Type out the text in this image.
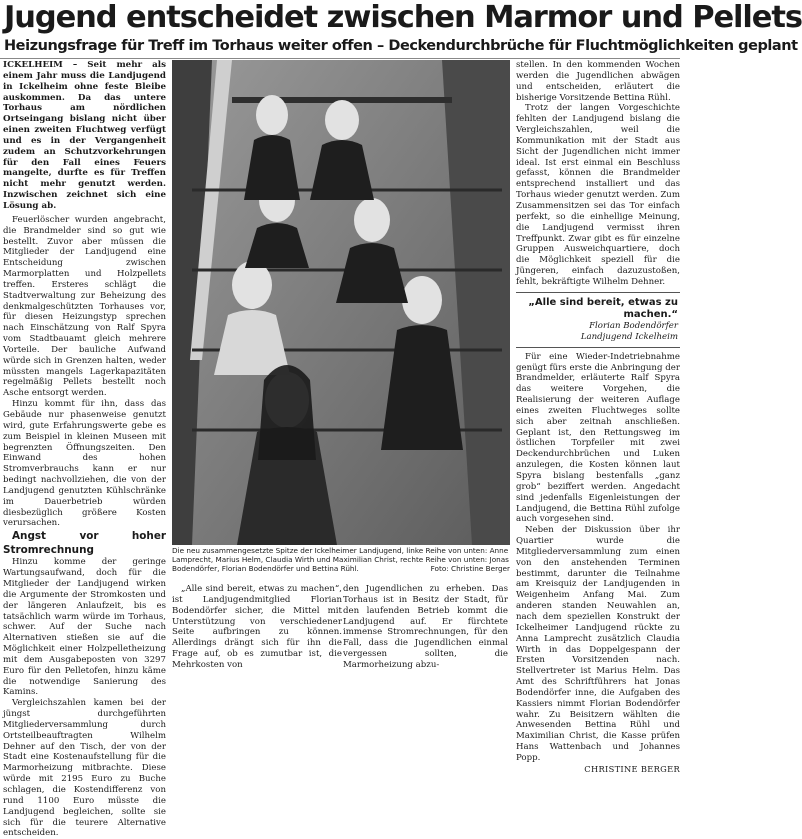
Jugend entscheidet zwischen Marmor und Pellets
Heizungsfrage für Treff im Torhaus weiter offen – Deckendurchbrüche für Fluchtmöglichkeiten geplant

ICKELHEIM – Seit mehr als einem Jahr muss die Landjugend in Ickelheim ohne feste Bleibe auskommen. Da das untere Torhaus am nördlichen Ortseingang bislang nicht über einen zweiten Fluchtweg verfügt und es in der Vergangenheit zudem an Schutzvorkehrungen für den Fall eines Feuers mangelte, durfte es für Treffen nicht mehr genutzt werden. Inzwischen zeichnet sich eine Lösung ab.

Feuerlöscher wurden angebracht, die Brandmelder sind so gut wie bestellt. Zuvor aber müssen die Mitglieder der Landjugend eine Entscheidung zwischen Marmorplatten und Holzpellets treffen. Ersteres schlägt die Stadtverwaltung zur Beheizung des denkmalgeschützten Torhauses vor, für diesen Heizungstyp sprechen nach Einschätzung von Ralf Spyra vom Stadtbauamt gleich mehrere Vorteile. Der bauliche Aufwand würde sich in Grenzen halten, weder müssten mangels Lagerkapazitäten regelmäßig Pellets bestellt noch Asche entsorgt werden.

Hinzu kommt für ihn, dass das Gebäude nur phasenweise genutzt wird, gute Erfahrungswerte gebe es zum Beispiel in kleinen Museen mit begrenzten Öffnungszeiten. Den Einwand des hohen Stromverbrauchs kann er nur bedingt nachvollziehen, die von der Landjugend genutzten Kühlschränke im Dauerbetrieb würden diesbezüglich größere Kosten verursachen.

Angst vor hoher Stromrechnung

Hinzu komme der geringe Wartungsaufwand, doch für die Mitglieder der Landjugend wirken die Argumente der Stromkosten und der längeren Anlaufzeit, bis es tatsächlich warm würde im Torhaus, schwer. Auf der Suche nach Alternativen stießen sie auf die Möglichkeit einer Holzpelletheizung mit dem Ausgabeposten von 3297 Euro für den Pelletofen, hinzu käme die notwendige Sanierung des Kamins.

Vergleichszahlen kamen bei der jüngst durchgeführten Mitgliederversammlung durch Ortsteilbeauftragten Wilhelm Dehner auf den Tisch, der von der Stadt eine Kostenaufstellung für die Marmorheizung mitbrachte. Diese würde mit 2195 Euro zu Buche schlagen, die Kostendifferenz von rund 1100 Euro müsste die Landjugend begleichen, sollte sie sich für die teurere Alternative entscheiden.

Die neu zusammengesetzte Spitze der Ickelheimer Landjugend, linke Reihe von unten: Anne Lamprecht, Marius Helm, Claudia Wirth und Maximilian Christ, rechte Reihe von unten: Jonas Bodendörfer, Florian Bodendörfer und Bettina Rühl.	Foto: Christine Berger

„Alle sind bereit, etwas zu machen“, ist Landjugendmitglied Florian Bodendörfer sicher, die Mittel mit Unterstützung von verschiedener Seite aufbringen zu können. Allerdings drängt sich für ihn die Frage auf, ob es zumutbar ist, die Mehrkosten von

den Jugendlichen zu erheben. Das Torhaus ist in Besitz der Stadt, für den laufenden Betrieb kommt die Landjugend auf. Er fürchtete immense Stromrechnungen, für den Fall, dass die Jugendlichen einmal vergessen sollten, die Marmorheizung abzu-

stellen. In den kommenden Wochen werden die Jugendlichen abwägen und entscheiden, erläutert die bisherige Vorsitzende Bettina Rühl.

Trotz der langen Vorgeschichte fehlten der Landjugend bislang die Vergleichszahlen, weil die Kommunikation mit der Stadt aus Sicht der Jugendlichen nicht immer ideal. Ist erst einmal ein Beschluss gefasst, können die Brandmelder entsprechend installiert und das Torhaus wieder genutzt werden. Zum Zusammensitzen sei das Tor einfach perfekt, so die einhellige Meinung, die Landjugend vermisst ihren Treffpunkt. Zwar gibt es für einzelne Gruppen Ausweichquartiere, doch die Möglichkeit speziell für die Jüngeren, einfach dazuzustoßen, fehlt, bekräftigte Wilhelm Dehner.

„Alle sind bereit, etwas zu machen.“
Florian Bodendörfer
Landjugend Ickelheim

Für eine Wieder-Indetriebnahme genügt fürs erste die Anbringung der Brandmelder, erläuterte Ralf Spyra das weitere Vorgehen, die Realisierung der weiteren Auflage eines zweiten Fluchtweges sollte sich aber zeitnah anschließen. Geplant ist, den Rettungsweg im östlichen Torpfeiler mit zwei Deckendurchbrüchen und Luken anzulegen, die Kosten können laut Spyra bislang bestenfalls „ganz grob“ beziffert werden. Angedacht sind jedenfalls Eigenleistungen der Landjugend, die Bettina Rühl zufolge auch vorgesehen sind.

Neben der Diskussion über ihr Quartier wurde die Mitgliederversammlung zum einen von den anstehenden Terminen bestimmt, darunter die Teilnahme am Kreisquiz der Landjugenden in Weigenheim Anfang Mai. Zum anderen standen Neuwahlen an, nach dem speziellen Konstrukt der Ickelheimer Landjugend rückte zu Anna Lamprecht zusätzlich Claudia Wirth in das Doppelgespann der Ersten Vorsitzenden nach. Stellvertreter ist Marius Helm. Das Amt des Schriftführers hat Jonas Bodendörfer inne, die Aufgaben des Kassiers nimmt Florian Bodendörfer wahr. Zu Beisitzern wählten die Anwesenden Bettina Rühl und Maximilian Christ, die Kasse prüfen Hans Wattenbach und Johannes Popp.

CHRISTINE BERGER
